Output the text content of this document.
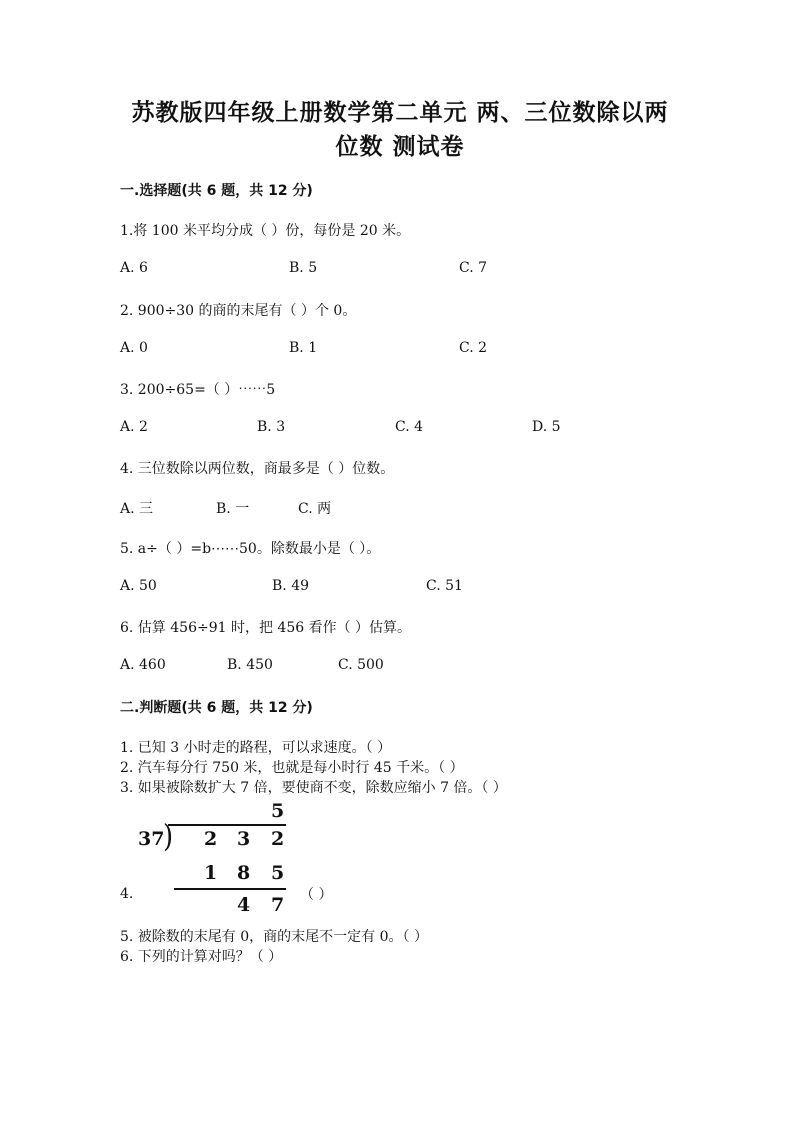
苏教版四年级上册数学第二单元 两、三位数除以两
位数 测试卷
一.选择题(共 6 题，共 12 分)
1.将 100 米平均分成（ ）份，每份是 20 米。
A. 6	B. 5	C. 7
2. 900÷30 的商的末尾有（ ）个 0。
A. 0	B. 1	C. 2
3. 200÷65=（ ）⋯⋯5
A. 2	B. 3	C. 4	D. 5
4. 三位数除以两位数，商最多是（ ）位数。
A. 三	B. 一	C. 两
5. a÷（ ）=b⋯⋯50。除数最小是（ ）。
A. 50	B. 49	C. 51
6. 估算 456÷91 时，把 456 看作（ ）估算。
A. 460	B. 450	C. 500
二.判断题(共 6 题，共 12 分)
1. 已知 3 小时走的路程，可以求速度。（ ）
2. 汽车每分行 750 米，也就是每小时行 45 千米。（ ）
3. 如果被除数扩大 7 倍，要使商不变，除数应缩小 7 倍。（ ）
4.
5
37
) 2 3 2
1 8 5
4 7 （ ）
5. 被除数的末尾有 0，商的末尾不一定有 0。（ ）
6. 下列的计算对吗？（ ）
